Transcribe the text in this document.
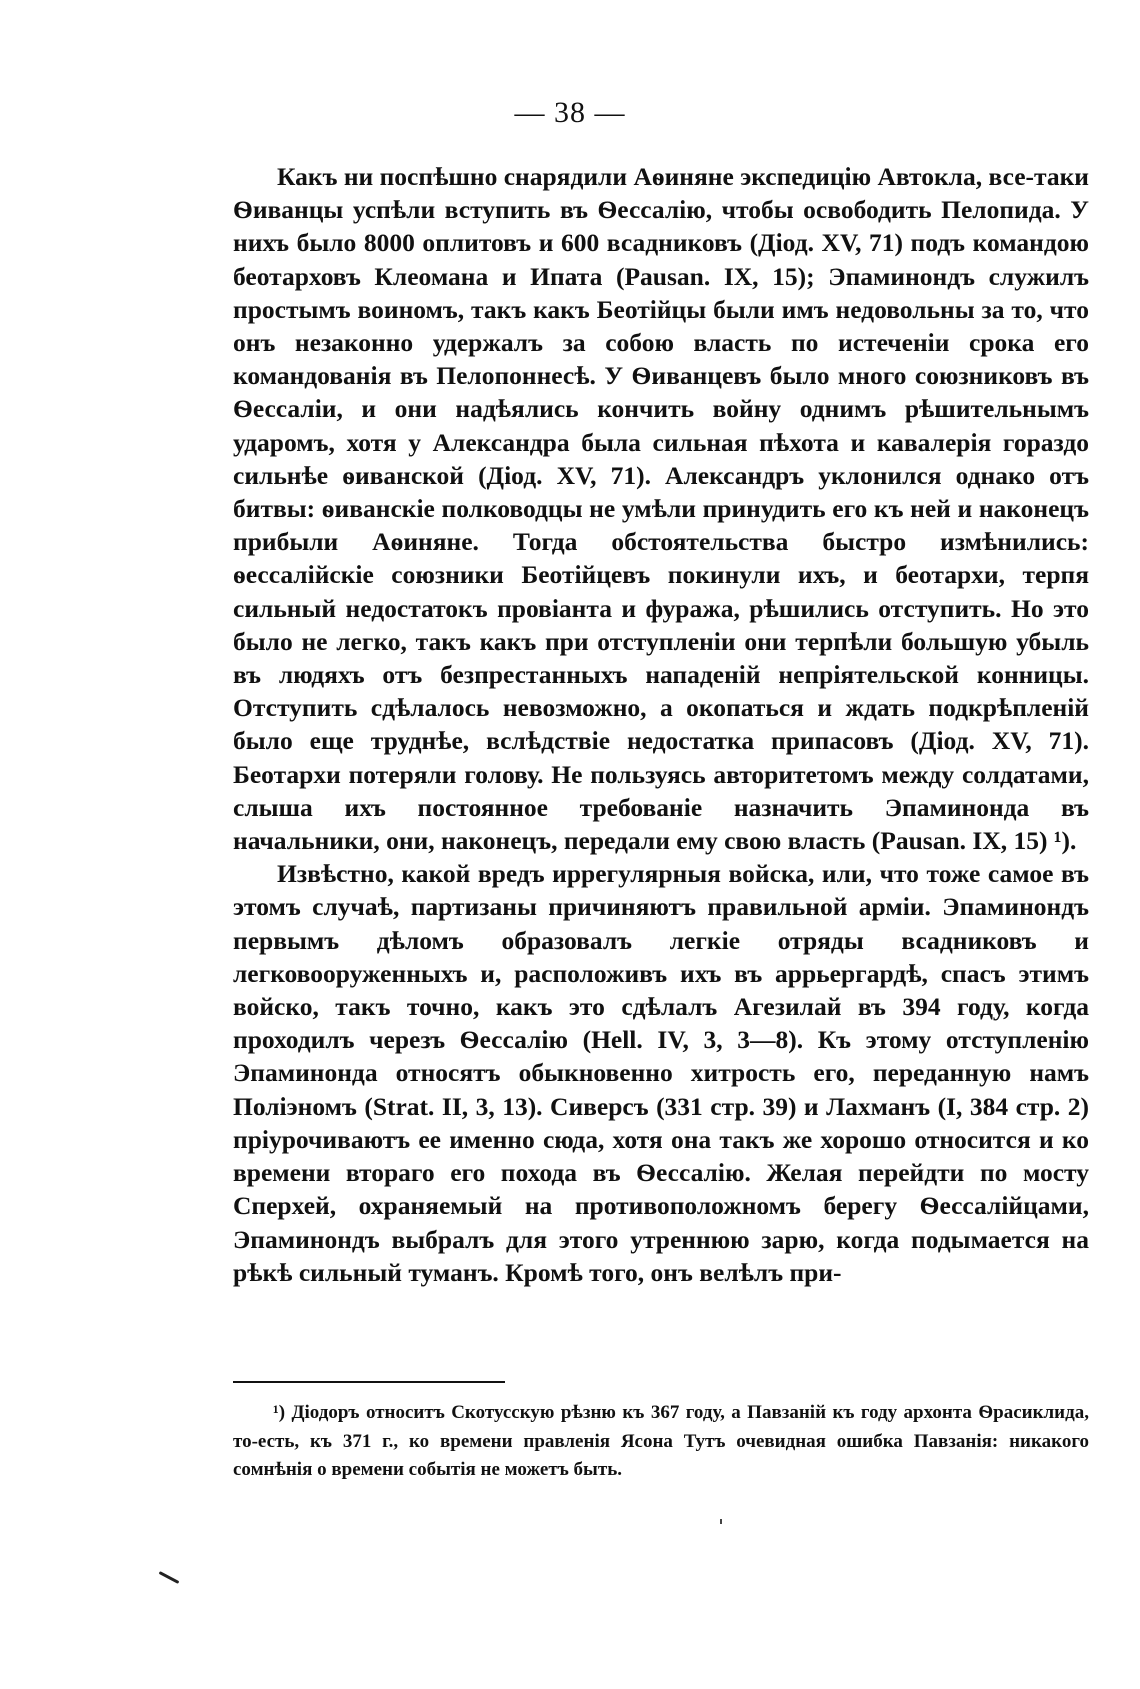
— 38 —

Какъ ни поспѣшно снарядили Аѳиняне экспедицію Автокла, все-таки Ѳиванцы успѣли вступить въ Ѳессалію, чтобы освободить Пелопида. У нихъ было 8000 оплитовъ и 600 всадниковъ (Діод. XV, 71) подъ командою беотарховъ Клеомана и Ипата (Pausan. IX, 15); Эпаминондъ служилъ простымъ воиномъ, такъ какъ Беотійцы были имъ недовольны за то, что онъ незаконно удержалъ за собою власть по истеченіи срока его командованія въ Пелопоннесѣ. У Ѳиванцевъ было много союзниковъ въ Ѳессаліи, и они надѣялись кончить войну однимъ рѣшительнымъ ударомъ, хотя у Александра была сильная пѣхота и кавалерія гораздо сильнѣе ѳиванской (Діод. XV, 71). Александръ уклонился однако отъ битвы: ѳиванскіе полководцы не умѣли принудить его къ ней и наконецъ прибыли Аѳиняне. Тогда обстоятельства быстро измѣнились: ѳессалійскіе союзники Беотійцевъ покинули ихъ, и беотархи, терпя сильный недостатокъ провіанта и фуража, рѣшились отступить. Но это было не легко, такъ какъ при отступленіи они терпѣли большую убыль въ людяхъ отъ безпрестанныхъ нападеній непріятельской конницы. Отступить сдѣлалось невозможно, а окопаться и ждать подкрѣпленій было еще труднѣе, вслѣдствіе недостатка припасовъ (Діод. XV, 71). Беотархи потеряли голову. Не пользуясь авторитетомъ между солдатами, слыша ихъ постоянное требованіе назначить Эпаминонда въ начальники, они, наконецъ, передали ему свою власть (Pausan. IX, 15) ¹).

Извѣстно, какой вредъ иррегулярныя войска, или, что тоже самое въ этомъ случаѣ, партизаны причиняютъ правильной арміи. Эпаминондъ первымъ дѣломъ образовалъ легкіе отряды всадниковъ и легковооруженныхъ и, расположивъ ихъ въ аррьергардѣ, спасъ этимъ войско, такъ точно, какъ это сдѣлалъ Агезилай въ 394 году, когда проходилъ черезъ Ѳессалію (Hell. IV, 3, 3—8). Къ этому отступленію Эпаминонда относятъ обыкновенно хитрость его, переданную намъ Поліэномъ (Strat. II, 3, 13). Сиверсъ (331 стр. 39) и Лахманъ (I, 384 стр. 2) пріурочиваютъ ее именно сюда, хотя она такъ же хорошо относится и ко времени втораго его похода въ Ѳессалію. Желая перейдти по мосту Сперхей, охраняемый на противоположномъ берегу Ѳессалійцами, Эпаминондъ выбралъ для этого утреннюю зарю, когда подымается на рѣкѣ сильный туманъ. Кромѣ того, онъ велѣлъ при-

¹) Діодоръ относитъ Скотусскую рѣзню къ 367 году, а Павзаній къ году архонта Ѳрасиклида, то-есть, къ 371 г., ко времени правленія Ясона Тутъ очевидная ошибка Павзанія: никакого сомнѣнія о времени событія не можетъ быть.
